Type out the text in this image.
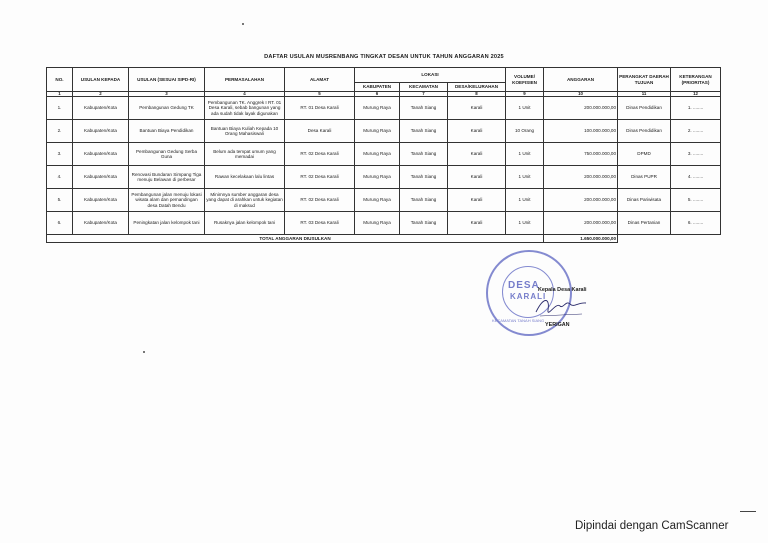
DAFTAR USULAN MUSRENBANG TINGKAT DESAN UNTUK TAHUN ANGGARAN 2025
NO.	USULAN KEPADA	USULAN (SESUAI SIPD-RI)	PERMASALAHAN	ALAMAT	LOKASI			VOLUME/ KOEFISIEN	ANGGARAN	PERANGKAT DAERAH TUJUAN	KETERANGAN (PRIORITAS)
					KABUPATEN	KECAMATAN	DESA/KELURAHAN				
1	2	3	4	5	6	7	8	9	10	11	12
1.	Kabupaten/Kota	Pembangunan Gedung TK	Pembangunan TK. Anggrek I RT. 01 Desa Karali, sebab bangunan yang ada sudah tidak layak digunakan	RT. 01 Desa Karali	Murung Raya	Tanah Siang	Karali	1 Unit	200.000.000,00	Dinas Pendidikan	1. ........
2.	Kabupaten/Kota	Bantuan Biaya Pendidikan	Bantuan Biaya Kuliah Kepada 10 Orang Mahasiswa/i	Desa Karali	Murung Raya	Tanah Siang	Karali	10 Orang	100.000.000,00	Dinas Pendidikan	2. ........
3.	Kabupaten/Kota	Pembangunan Gedung Serba Guna	Belum ada tempat umum yang memadai	RT. 02 Desa Karali	Murung Raya	Tanah Siang	Karali	1 Unit	750.000.000,00	DPMD	3. ........
4.	Kabupaten/Kota	Renovasi Bundaran Simpang Tiga menuju Belawan di perbesar	Rawan kecelakaan lalu lintas	RT. 02 Desa Karali	Murung Raya	Tanah Siang	Karali	1 Unit	200.000.000,00	Dinas PUPR	4. ........
5.	Kabupaten/Kota	Pembangunan jalan menuju lokasi wisata alam dan pemandingan desa Datah Bendu	Minimnya sumber anggaran desa yang dapat di arahkan untuk kegiatan di maksud	RT. 02 Desa Karali	Murung Raya	Tanah Siang	Karali	1 Unit	200.000.000,00	Dinas Pariwisata	5. ........
6.	Kabupaten/Kota	Peningkatan jalan kelompok tani	Rusaknya jalan kelompok tani	RT. 03 Desa Karali	Murung Raya	Tanah Siang	Karali	1 Unit	200.000.000,00	Dinas Pertanian	6. ........
TOTAL ANGGARAN DIUSULKAN									1.650.000.000,00		
DESA
KARALI
KECAMATAN TANAH SIANG
Kepala Desa Karali
YERIGAN
Dipindai dengan CamScanner
